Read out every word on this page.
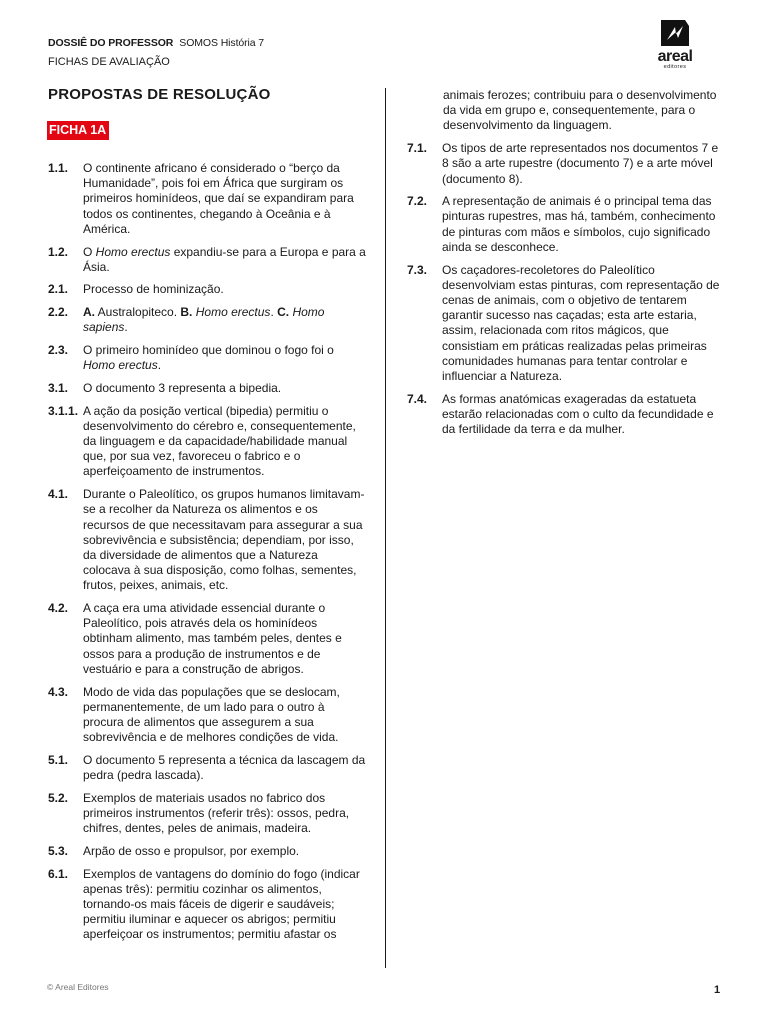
DOSSIÊ DO PROFESSOR SOMOS História 7
FICHAS DE AVALIAÇÃO	areal
editores
PROPOSTAS DE RESOLUÇÃO
FICHA 1A
1.1.	O continente africano é considerado o “berço da Humanidade”, pois foi em África que surgiram os primeiros hominídeos, que daí se expandiram para todos os continentes, chegando à Oceânia e à América.
1.2.	O Homo erectus expandiu-se para a Europa e para a Ásia.
2.1.	Processo de hominização.
2.2.	A. Australopiteco. B. Homo erectus. C. Homo sapiens.
2.3.	O primeiro hominídeo que dominou o fogo foi o Homo erectus.
3.1.	O documento 3 representa a bipedia.
3.1.1. A ação da posição vertical (bipedia) permitiu o desenvolvimento do cérebro e, consequentemente, da linguagem e da capacidade/habilidade manual que, por sua vez, favoreceu o fabrico e o aperfeiçoamento de instrumentos.
4.1.	Durante o Paleolítico, os grupos humanos limitavam-se a recolher da Natureza os alimentos e os recursos de que necessitavam para assegurar a sua sobrevivência e subsistência; dependiam, por isso, da diversidade de alimentos que a Natureza colocava à sua disposição, como folhas, sementes, frutos, peixes, animais, etc.
4.2.	A caça era uma atividade essencial durante o Paleolítico, pois através dela os hominídeos obtinham alimento, mas também peles, dentes e ossos para a produção de instrumentos e de vestuário e para a construção de abrigos.
4.3.	Modo de vida das populações que se deslocam, permanentemente, de um lado para o outro à procura de alimentos que assegurem a sua sobrevivência e de melhores condições de vida.
5.1.	O documento 5 representa a técnica da lascagem da pedra (pedra lascada).
5.2.	Exemplos de materiais usados no fabrico dos primeiros instrumentos (referir três): ossos, pedra, chifres, dentes, peles de animais, madeira.
5.3.	Arpão de osso e propulsor, por exemplo.
6.1.	Exemplos de vantagens do domínio do fogo (indicar apenas três): permitiu cozinhar os alimentos, tornando-os mais fáceis de digerir e saudáveis; permitiu iluminar e aquecer os abrigos; permitiu aperfeiçoar os instrumentos; permitiu afastar os
animais ferozes; contribuiu para o desenvolvimento da vida em grupo e, consequentemente, para o desenvolvimento da linguagem.
7.1.	Os tipos de arte representados nos documentos 7 e 8 são a arte rupestre (documento 7) e a arte móvel (documento 8).
7.2.	A representação de animais é o principal tema das pinturas rupestres, mas há, também, conhecimento de pinturas com mãos e símbolos, cujo significado ainda se desconhece.
7.3.	Os caçadores-recoletores do Paleolítico desenvolviam estas pinturas, com representação de cenas de animais, com o objetivo de tentarem garantir sucesso nas caçadas; esta arte estaria, assim, relacionada com ritos mágicos, que consistiam em práticas realizadas pelas primeiras comunidades humanas para tentar controlar e influenciar a Natureza.
7.4.	As formas anatómicas exageradas da estatueta estarão relacionadas com o culto da fecundidade e da fertilidade da terra e da mulher.
© Areal Editores	1
